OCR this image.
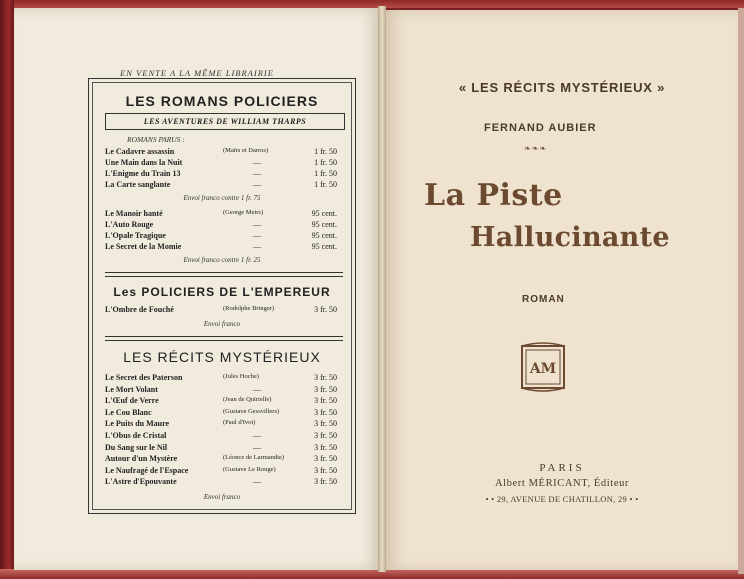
EN VENTE A LA MÊME LIBRAIRIE
LES ROMANS POLICIERS
LES AVENTURES DE WILLIAM THARPS
ROMANS PARUS :
Le Cadavre assassin	(Maïrs et Darros)	1 fr. 50
Une Main dans la Nuit	—	1 fr. 50
L'Enigme du Train 13	—	1 fr. 50
La Carte sanglante	—	1 fr. 50
Envoi franco contre 1 fr. 75
Le Manoir hanté	(George Meirs)	95 cent.
L'Auto Rouge	—	95 cent.
L'Opale Tragique	—	95 cent.
Le Secret de la Momie	—	95 cent.
Envoi franco contre 1 fr. 25
Les POLICIERS DE L'EMPEREUR
L'Ombre de Fouché	(Rodolphe Bringer)	3 fr. 50
Envoi franco
LES RÉCITS MYSTÉRIEUX
Le Secret des Paterson	(Jules Hoche)	3 fr. 50
Le Mort Volant	—	3 fr. 50
L'Œuf de Verre	(Jean de Quirielle)	3 fr. 50
Le Cou Blanc	(Gustave Gessvillers)	3 fr. 50
Le Puits du Maure	(Paul d'Ivoi)	3 fr. 50
L'Obus de Cristal	—	3 fr. 50
Du Sang sur le Nil	—	3 fr. 50
Autour d'un Mystère	(Léonce de Larmandie)	3 fr. 50
Le Naufragé de l'Espace	(Gustave Le Rouge)	3 fr. 50
L'Astre d'Epouvante	—	3 fr. 50
Envoi franco
« LES RÉCITS MYSTÉRIEUX »
FERNAND AUBIER
❧❧❧
La Piste
Hallucinante
ROMAN
AM
PARIS
Albert MÉRICANT, Éditeur
• • 29, AVENUE DE CHATILLON, 29 • •
